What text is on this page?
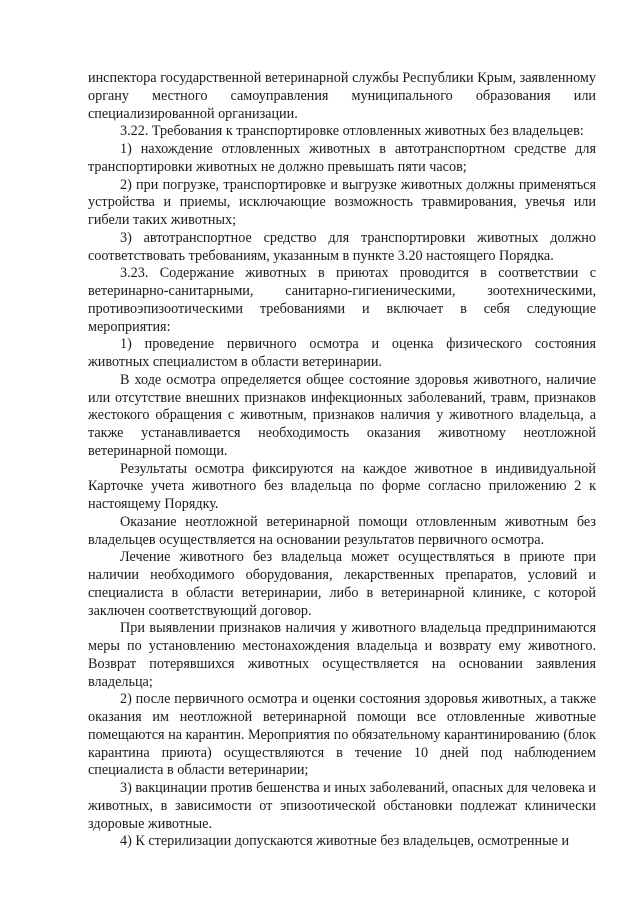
инспектора государственной ветеринарной службы Республики Крым, заявленному органу местного самоуправления муниципального образования или специализированной организации.

3.22. Требования к транспортировке отловленных животных без владельцев:

1) нахождение отловленных животных в автотранспортном средстве для транспортировки животных не должно превышать пяти часов;

2) при погрузке, транспортировке и выгрузке животных должны применяться устройства и приемы, исключающие возможность травмирования, увечья или гибели таких животных;

3) автотранспортное средство для транспортировки животных должно соответствовать требованиям, указанным в пункте 3.20 настоящего Порядка.

3.23. Содержание животных в приютах проводится в соответствии с ветеринарно-санитарными, санитарно-гигиеническими, зоотехническими, противоэпизоотическими требованиями и включает в себя следующие мероприятия:

1) проведение первичного осмотра и оценка физического состояния животных специалистом в области ветеринарии.

В ходе осмотра определяется общее состояние здоровья животного, наличие или отсутствие внешних признаков инфекционных заболеваний, травм, признаков жестокого обращения с животным, признаков наличия у животного владельца, а также устанавливается необходимость оказания животному неотложной ветеринарной помощи.

Результаты осмотра фиксируются на каждое животное в индивидуальной Карточке учета животного без владельца по форме согласно приложению 2 к настоящему Порядку.

Оказание неотложной ветеринарной помощи отловленным животным без владельцев осуществляется на основании результатов первичного осмотра.

Лечение животного без владельца может осуществляться в приюте при наличии необходимого оборудования, лекарственных препаратов, условий и специалиста в области ветеринарии, либо в ветеринарной клинике, с которой заключен соответствующий договор.

При выявлении признаков наличия у животного владельца предпринимаются меры по установлению местонахождения владельца и возврату ему животного. Возврат потерявшихся животных осуществляется на основании заявления владельца;

2) после первичного осмотра и оценки состояния здоровья животных, а также оказания им неотложной ветеринарной помощи все отловленные животные помещаются на карантин. Мероприятия по обязательному карантинированию (блок карантина приюта) осуществляются в течение 10 дней под наблюдением специалиста в области ветеринарии;

3) вакцинации против бешенства и иных заболеваний, опасных для человека и животных, в зависимости от эпизоотической обстановки подлежат клинически здоровые животные.

4) К стерилизации допускаются животные без владельцев, осмотренные и
